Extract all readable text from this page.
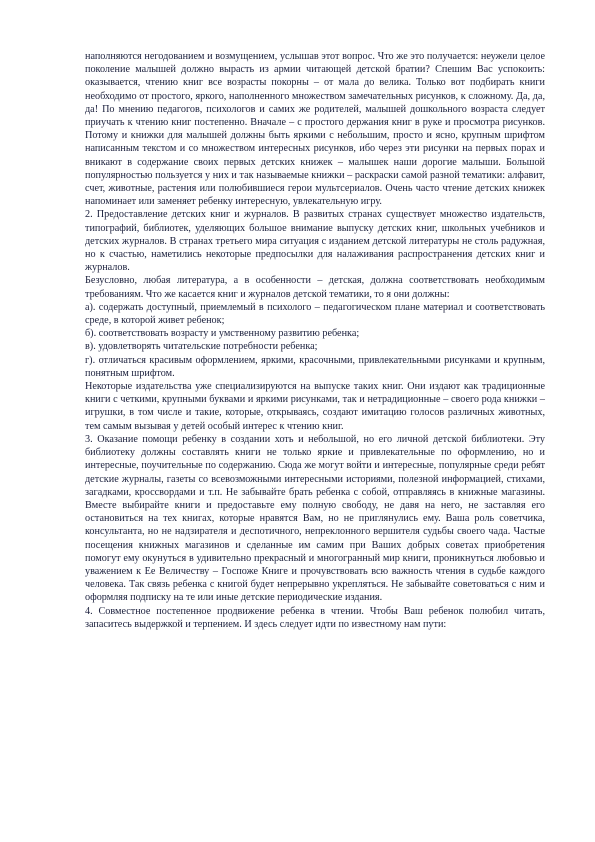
наполняются негодованием и возмущением, услышав этот вопрос. Что же это получается: неужели целое поколение малышей должно вырасть из армии читающей детской братии? Спешим Вас успокоить: оказывается, чтению книг все возрасты покорны – от мала до велика. Только вот подбирать книги необходимо от простого, яркого, наполненного множеством замечательных рисунков, к сложному. Да, да, да! По мнению педагогов, психологов и самих же родителей, малышей дошкольного возраста следует приучать к чтению книг постепенно. Вначале – с простого держания книг в руке и просмотра рисунков. Потому и книжки для малышей должны быть яркими с небольшим, просто и ясно, крупным шрифтом написанным текстом и со множеством интересных рисунков, ибо через эти рисунки на первых порах и вникают в содержание своих первых детских книжек – малышек наши дорогие малыши. Большой популярностью пользуется у них и так называемые книжки – раскраски самой разной тематики: алфавит, счет, животные, растения или полюбившиеся герои мультсериалов. Очень часто чтение детских книжек напоминает или заменяет ребенку интересную, увлекательную игру.

2. Предоставление детских книг и журналов. В развитых странах существует множество издательств, типографий, библиотек, уделяющих большое внимание выпуску детских книг, школьных учебников и детских журналов. В странах третьего мира ситуация с изданием детской литературы не столь радужная, но к счастью, наметились некоторые предпосылки для налаживания распространения детских книг и журналов.

Безусловно, любая литература, а в особенности – детская, должна соответствовать необходимым требованиям. Что же касается книг и журналов детской тематики, то я они должны:

а). содержать доступный, приемлемый в психолого – педагогическом плане материал и соответствовать среде, в которой живет ребенок;

б). соответствовать возрасту и умственному развитию ребенка;

в). удовлетворять читательские потребности ребенка;

г). отличаться красивым оформлением, яркими, красочными, привлекательными рисунками и крупным, понятным шрифтом.

Некоторые издательства уже специализируются на выпуске таких книг. Они издают как традиционные книги с четкими, крупными буквами и яркими рисунками, так и нетрадиционные – своего рода книжки – игрушки, в том числе и такие, которые, открываясь, создают имитацию голосов различных животных, тем самым вызывая у детей особый интерес к чтению книг.

3. Оказание помощи ребенку в создании хоть и небольшой, но его личной детской библиотеки. Эту библиотеку должны составлять книги не только яркие и привлекательные по оформлению, но и интересные, поучительные по содержанию. Сюда же могут войти и интересные, популярные среди ребят детские журналы, газеты со всевозможными интересными историями, полезной информацией, стихами, загадками, кроссвордами и т.п. Не забывайте брать ребенка с собой, отправляясь в книжные магазины. Вместе выбирайте книги и предоставьте ему полную свободу, не давя на него, не заставляя его остановиться на тех книгах, которые нравятся Вам, но не приглянулись ему. Ваша роль советчика, консультанта, но не надзирателя и деспотичного, непреклонного вершителя судьбы своего чада. Частые посещения книжных магазинов и сделанные им самим при Ваших добрых советах приобретения помогут ему окунуться в удивительно прекрасный и многогранный мир книги, проникнуться любовью и уважением к Ее Величеству – Госпоже Книге и прочувствовать всю важность чтения в судьбе каждого человека. Так связь ребенка с книгой будет непрерывно укрепляться. Не забывайте советоваться с ним и оформляя подписку на те или иные детские периодические издания.

4. Совместное постепенное продвижение ребенка в чтении. Чтобы Ваш ребенок полюбил читать, запаситесь выдержкой и терпением. И здесь следует идти по известному нам пути:
